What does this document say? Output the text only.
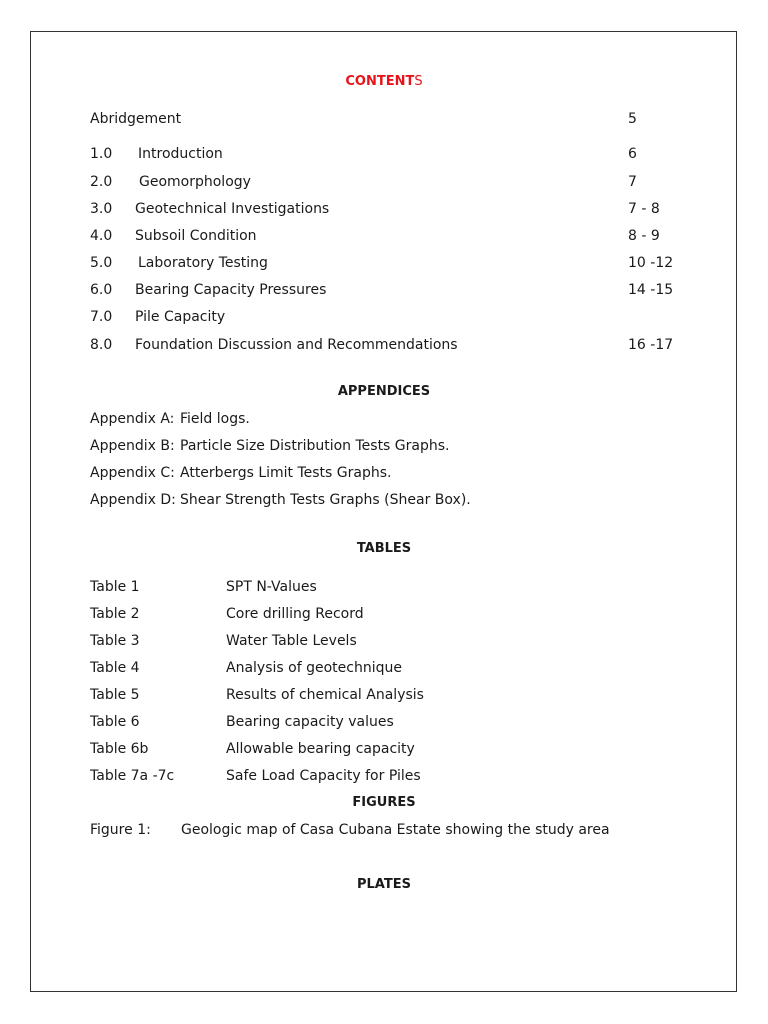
CONTENTS
Abridgement	5
1.0 Introduction	6
2.0 Geomorphology	7
3.0 Geotechnical Investigations	7 - 8
4.0 Subsoil Condition	8 - 9
5.0 Laboratory Testing	10 -12
6.0 Bearing Capacity Pressures	14 -15
7.0 Pile Capacity
8.0 Foundation Discussion and Recommendations	16 -17
APPENDICES
Appendix A: Field logs.
Appendix B: Particle Size Distribution Tests Graphs.
Appendix C: Atterbergs Limit Tests Graphs.
Appendix D: Shear Strength Tests Graphs (Shear Box).
TABLES
Table 1	SPT N-Values
Table 2	Core drilling Record
Table 3	Water Table Levels
Table 4	Analysis of geotechnique
Table 5	Results of chemical Analysis
Table 6	Bearing capacity values
Table 6b	Allowable bearing capacity
Table 7a -7c	Safe Load Capacity for Piles
FIGURES
Figure 1: Geologic map of Casa Cubana Estate showing the study area
PLATES
